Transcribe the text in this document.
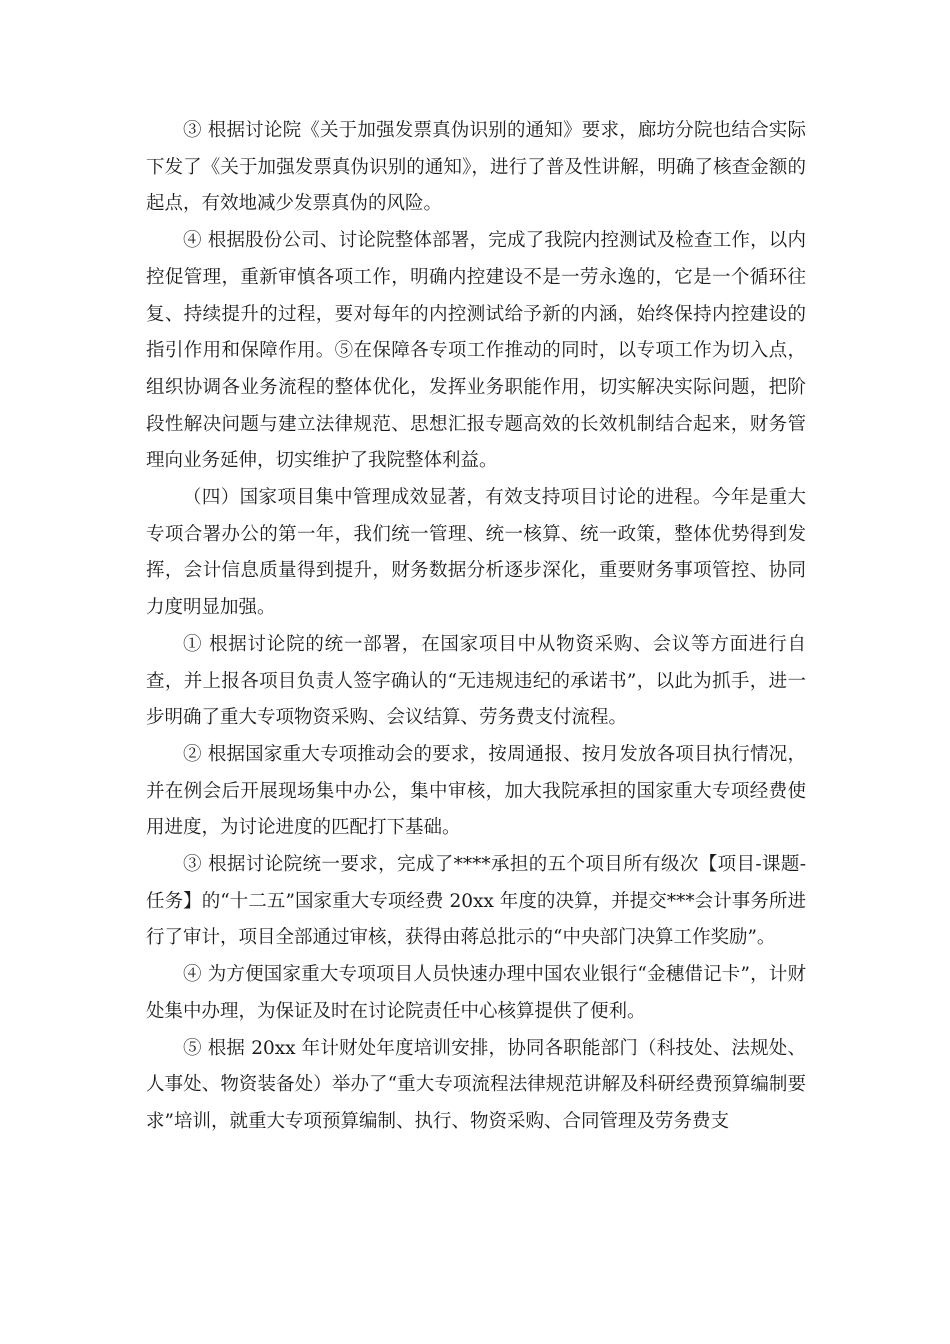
③ 根据讨论院《关于加强发票真伪识别的通知》要求，廊坊分院也结合实际下发了《关于加强发票真伪识别的通知》，进行了普及性讲解，明确了核查金额的起点，有效地减少发票真伪的风险。

④ 根据股份公司、讨论院整体部署，完成了我院内控测试及检查工作，以内控促管理，重新审慎各项工作，明确内控建设不是一劳永逸的，它是一个循环往复、持续提升的过程，要对每年的内控测试给予新的内涵，始终保持内控建设的指引作用和保障作用。⑤在保障各专项工作推动的同时，以专项工作为切入点，组织协调各业务流程的整体优化，发挥业务职能作用，切实解决实际问题，把阶段性解决问题与建立法律规范、思想汇报专题高效的长效机制结合起来，财务管理向业务延伸，切实维护了我院整体利益。

（四）国家项目集中管理成效显著，有效支持项目讨论的进程。今年是重大专项合署办公的第一年，我们统一管理、统一核算、统一政策，整体优势得到发挥，会计信息质量得到提升，财务数据分析逐步深化，重要财务事项管控、协同力度明显加强。

① 根据讨论院的统一部署，在国家项目中从物资采购、会议等方面进行自查，并上报各项目负责人签字确认的“无违规违纪的承诺书”，以此为抓手，进一步明确了重大专项物资采购、会议结算、劳务费支付流程。

② 根据国家重大专项推动会的要求，按周通报、按月发放各项目执行情况，并在例会后开展现场集中办公，集中审核，加大我院承担的国家重大专项经费使用进度，为讨论进度的匹配打下基础。

③ 根据讨论院统一要求，完成了****承担的五个项目所有级次【项目-课题-任务】的“十二五”国家重大专项经费 20xx 年度的决算，并提交***会计事务所进行了审计，项目全部通过审核，获得由蒋总批示的“中央部门决算工作奖励”。

④ 为方便国家重大专项项目人员快速办理中国农业银行“金穗借记卡”，计财处集中办理，为保证及时在讨论院责任中心核算提供了便利。

⑤ 根据 20xx 年计财处年度培训安排，协同各职能部门（科技处、法规处、人事处、物资装备处）举办了“重大专项流程法律规范讲解及科研经费预算编制要求”培训，就重大专项预算编制、执行、物资采购、合同管理及劳务费支
